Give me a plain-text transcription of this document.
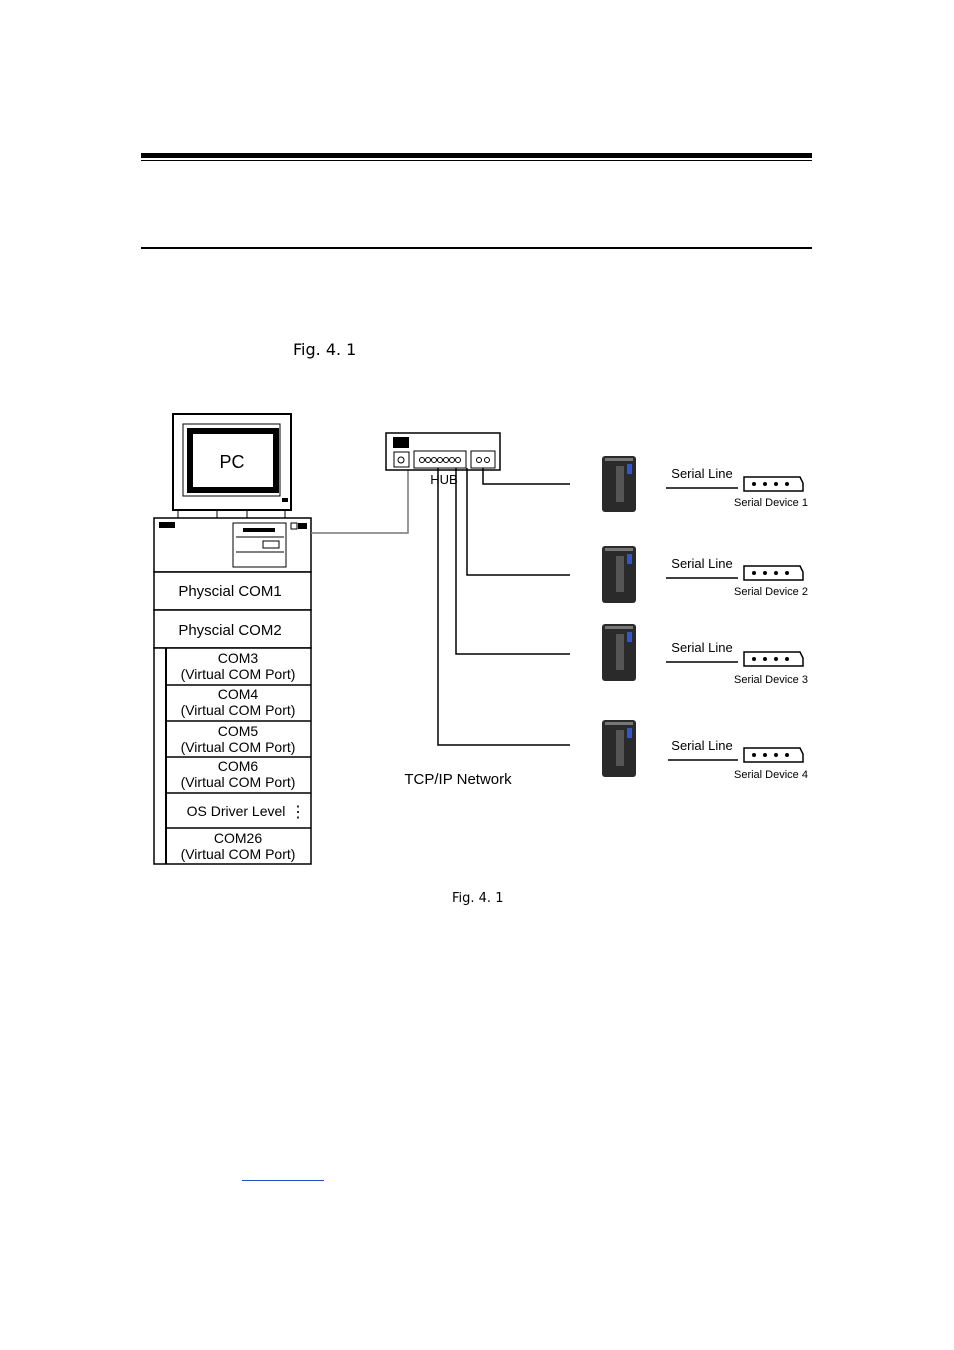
Fig. 4. 1
PC
Physcial COM1
Physcial COM2
COM3
(Virtual COM Port)
COM4
(Virtual COM Port)
COM5
(Virtual COM Port)
COM6
(Virtual COM Port)
OS Driver Level ⋮
COM26
(Virtual COM Port)
HUB
TCP/IP Network
Serial Line
Serial Device 1
Serial Line
Serial Device 2
Serial Line
Serial Device 3
Serial Line
Serial Device 4
Fig. 4. 1
